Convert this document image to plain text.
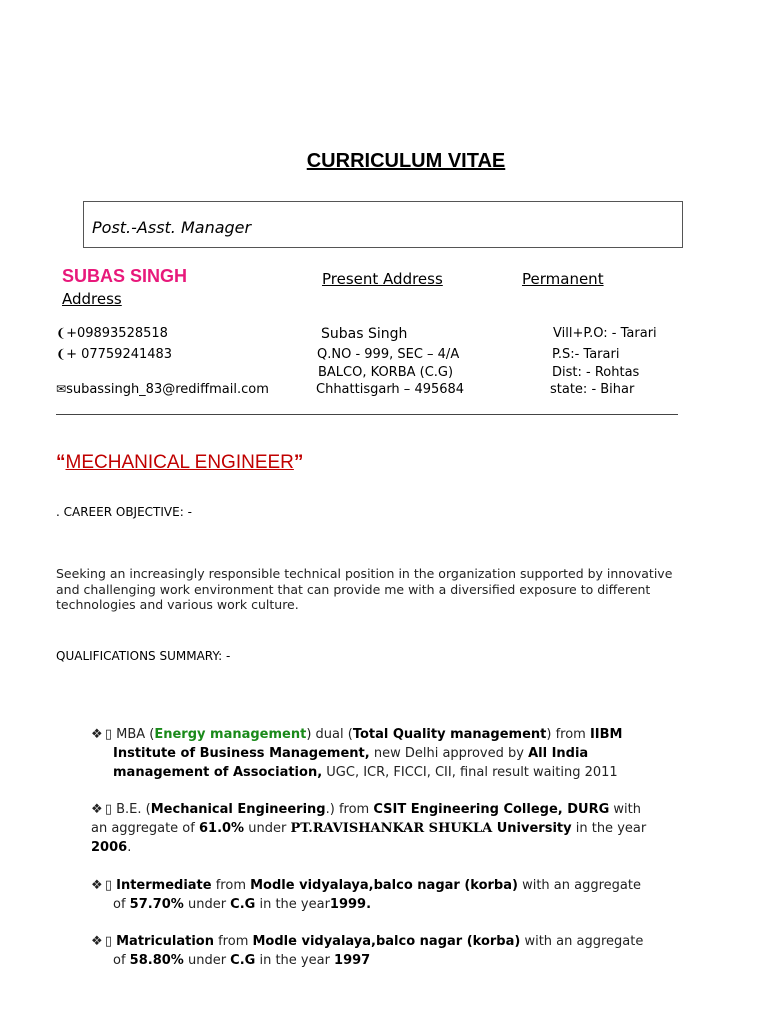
CURRICULUM VITAE
Post.-Asst. Manager
SUBAS SINGH	Present Address	Permanent
Address
❨+09893528518
❨+ 07759241483
✉subassingh_83@rediffmail.com
Subas Singh
Q.NO - 999, SEC – 4/A
BALCO, KORBA (C.G)
Chhattisgarh – 495684
Vill+P.O: - Tarari
P.S:- Tarari
Dist: - Rohtas
state: - Bihar
“MECHANICAL ENGINEER”
. CAREER OBJECTIVE: -
Seeking an increasingly responsible technical position in the organization supported by innovative and challenging work environment that can provide me with a diversified exposure to different technologies and various work culture.
QUALIFICATIONS SUMMARY: -
❖ ▯ MBA (Energy management) dual (Total Quality management) from IIBM
Institute of Business Management, new Delhi approved by All India
management of Association, UGC, ICR, FICCI, CII, final result waiting 2011
❖ ▯ B.E. (Mechanical Engineering.) from CSIT Engineering College, DURG with
an aggregate of 61.0% under PT.RAVISHANKAR SHUKLA University in the year
2006.
❖ ▯ Intermediate from Modle vidyalaya,balco nagar (korba) with an aggregate
of 57.70% under C.G in the year1999.
❖ ▯ Matriculation from Modle vidyalaya,balco nagar (korba) with an aggregate
of 58.80% under C.G in the year 1997
